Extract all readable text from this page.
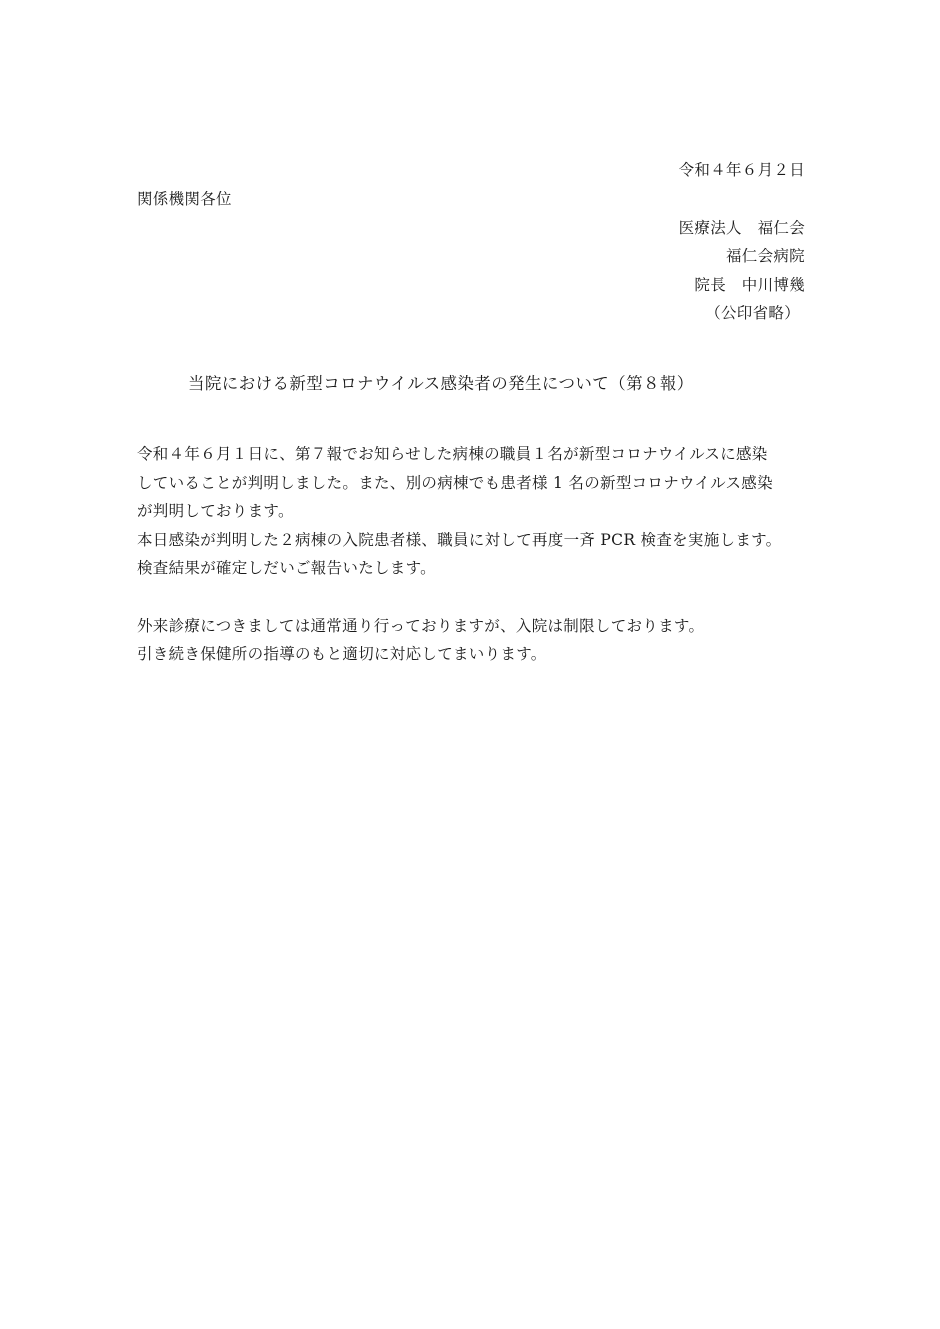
令和４年６月２日
関係機関各位
医療法人　福仁会
福仁会病院
院長　中川博幾
（公印省略）
当院における新型コロナウイルス感染者の発生について（第８報）
令和４年６月１日に、第７報でお知らせした病棟の職員１名が新型コロナウイルスに感染
していることが判明しました。また、別の病棟でも患者様 1 名の新型コロナウイルス感染
が判明しております。
本日感染が判明した２病棟の入院患者様、職員に対して再度一斉 PCR 検査を実施します。
検査結果が確定しだいご報告いたします。
外来診療につきましては通常通り行っておりますが、入院は制限しております。
引き続き保健所の指導のもと適切に対応してまいります。
